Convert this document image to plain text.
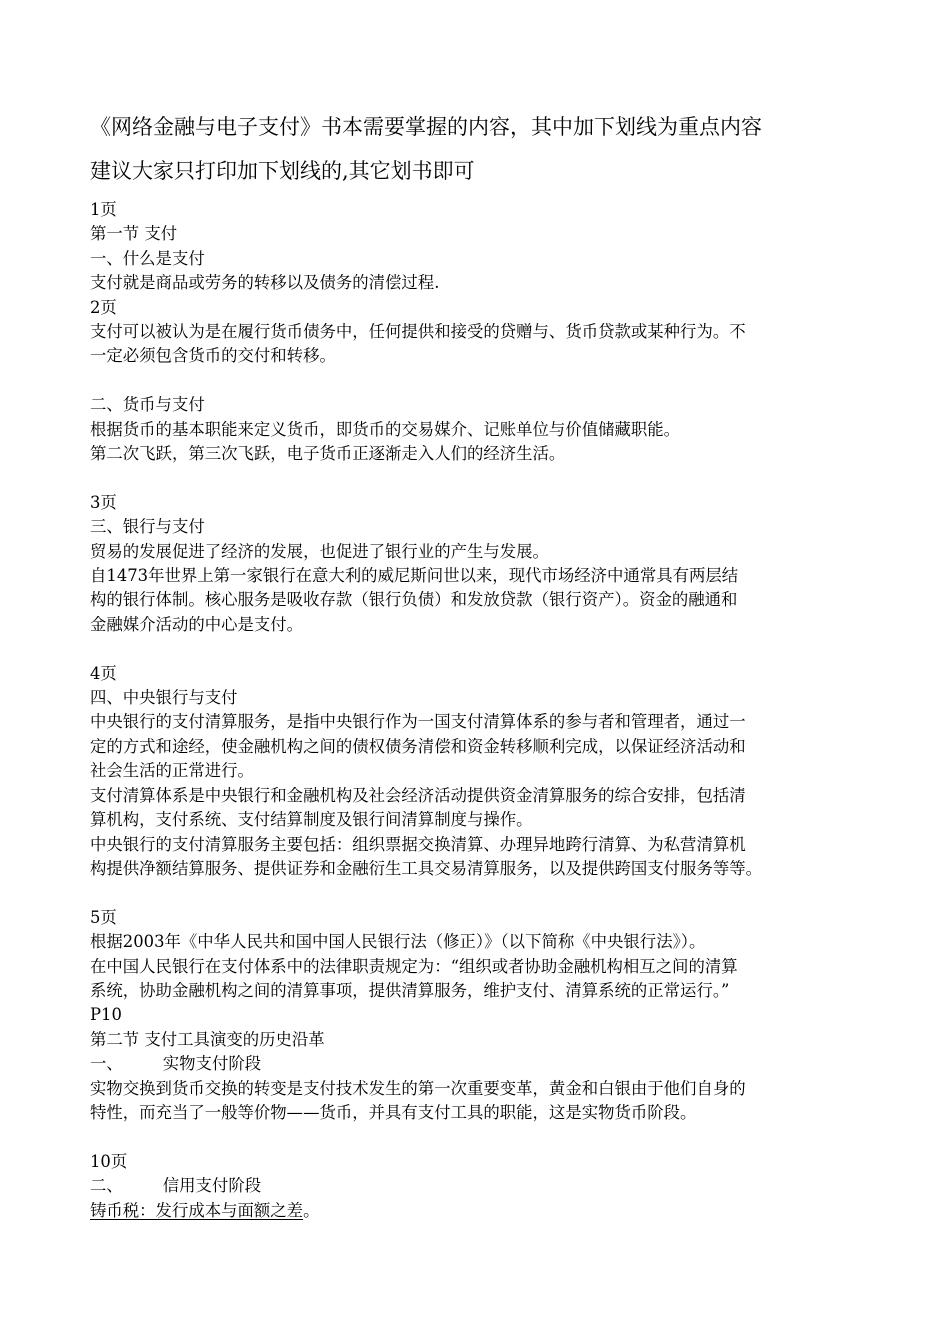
《网络金融与电子支付》书本需要掌握的内容，其中加下划线为重点内容
建议大家只打印加下划线的,其它划书即可
1页
第一节 支付
一、什么是支付
支付就是商品或劳务的转移以及债务的清偿过程.
2页
支付可以被认为是在履行货币债务中，任何提供和接受的贷赠与、货币贷款或某种行为。不
一定必须包含货币的交付和转移。
二、货币与支付
根据货币的基本职能来定义货币，即货币的交易媒介、记账单位与价值储藏职能。
第二次飞跃，第三次飞跃，电子货币正逐渐走入人们的经济生活。
3页
三、银行与支付
贸易的发展促进了经济的发展，也促进了银行业的产生与发展。
自1473年世界上第一家银行在意大利的威尼斯问世以来，现代市场经济中通常具有两层结
构的银行体制。核心服务是吸收存款（银行负债）和发放贷款（银行资产）。资金的融通和
金融媒介活动的中心是支付。
4页
四、中央银行与支付
中央银行的支付清算服务，是指中央银行作为一国支付清算体系的参与者和管理者，通过一
定的方式和途经，使金融机构之间的债权债务清偿和资金转移顺利完成，以保证经济活动和
社会生活的正常进行。
支付清算体系是中央银行和金融机构及社会经济活动提供资金清算服务的综合安排，包括清
算机构，支付系统、支付结算制度及银行间清算制度与操作。
中央银行的支付清算服务主要包括：组织票据交换清算、办理异地跨行清算、为私营清算机
构提供净额结算服务、提供证券和金融衍生工具交易清算服务，以及提供跨国支付服务等等。
5页
根据2003年《中华人民共和国中国人民银行法（修正）》（以下简称《中央银行法》）。
在中国人民银行在支付体系中的法律职责规定为：“组织或者协助金融机构相互之间的清算
系统，协助金融机构之间的清算事项，提供清算服务，维护支付、清算系统的正常运行。”
P10
第二节 支付工具演变的历史沿革
一、 实物支付阶段
实物交换到货币交换的转变是支付技术发生的第一次重要变革，黄金和白银由于他们自身的
特性，而充当了一般等价物——货币，并具有支付工具的职能，这是实物货币阶段。
10页
二、 信用支付阶段
铸币税：发行成本与面额之差。
